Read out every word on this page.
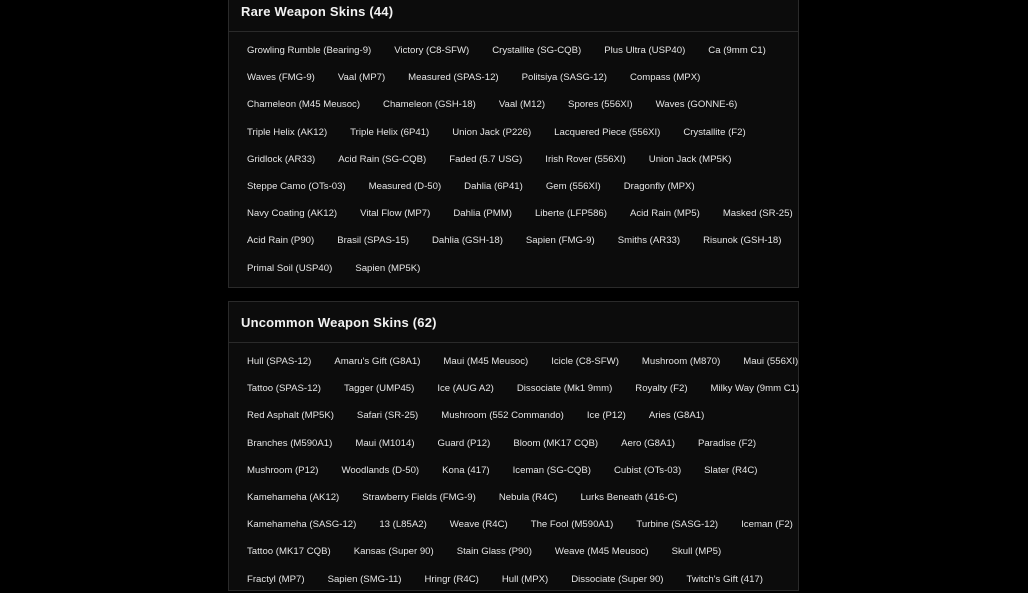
Rare Weapon Skins (44)
Growling Rumble (Bearing-9)	Victory (C8-SFW)	Crystallite (SG-CQB)	Plus Ultra (USP40)	Ca (9mm C1)
Waves (FMG-9)	Vaal (MP7)	Measured (SPAS-12)	Politsiya (SASG-12)	Compass (MPX)
Chameleon (M45 Meusoc)	Chameleon (GSH-18)	Vaal (M12)	Spores (556XI)	Waves (GONNE-6)
Triple Helix (AK12)	Triple Helix (6P41)	Union Jack (P226)	Lacquered Piece (556XI)	Crystallite (F2)
Gridlock (AR33)	Acid Rain (SG-CQB)	Faded (5.7 USG)	Irish Rover (556XI)	Union Jack (MP5K)
Steppe Camo (OTs-03)	Measured (D-50)	Dahlia (6P41)	Gem (556XI)	Dragonfly (MPX)
Navy Coating (AK12)	Vital Flow (MP7)	Dahlia (PMM)	Liberte (LFP586)	Acid Rain (MP5)	Masked (SR-25)
Acid Rain (P90)	Brasil (SPAS-15)	Dahlia (GSH-18)	Sapien (FMG-9)	Smiths (AR33)	Risunok (GSH-18)
Primal Soil (USP40)	Sapien (MP5K)
Uncommon Weapon Skins (62)
Hull (SPAS-12)	Amaru's Gift (G8A1)	Maui (M45 Meusoc)	Icicle (C8-SFW)	Mushroom (M870)	Maui (556XI)
Tattoo (SPAS-12)	Tagger (UMP45)	Ice (AUG A2)	Dissociate (Mk1 9mm)	Royalty (F2)	Milky Way (9mm C1)
Red Asphalt (MP5K)	Safari (SR-25)	Mushroom (552 Commando)	Ice (P12)	Aries (G8A1)
Branches (M590A1)	Maui (M1014)	Guard (P12)	Bloom (MK17 CQB)	Aero (G8A1)	Paradise (F2)
Mushroom (P12)	Woodlands (D-50)	Kona (417)	Iceman (SG-CQB)	Cubist (OTs-03)	Slater (R4C)
Kamehameha (AK12)	Strawberry Fields (FMG-9)	Nebula (R4C)	Lurks Beneath (416-C)
Kamehameha (SASG-12)	13 (L85A2)	Weave (R4C)	The Fool (M590A1)	Turbine (SASG-12)	Iceman (F2)
Tattoo (MK17 CQB)	Kansas (Super 90)	Stain Glass (P90)	Weave (M45 Meusoc)	Skull (MP5)
Fractyl (MP7)	Sapien (SMG-11)	Hringr (R4C)	Hull (MPX)	Dissociate (Super 90)	Twitch's Gift (417)
